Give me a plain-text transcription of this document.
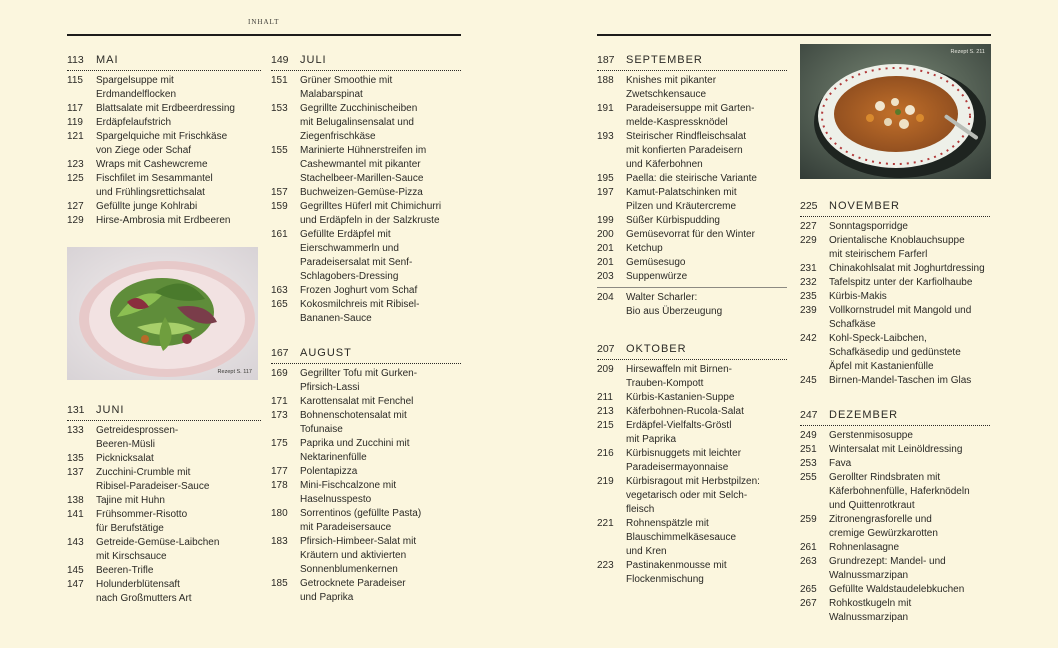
INHALT
113	MAI
115	Spargelsuppe mit
Erdmandelflocken
117	Blattsalate mit Erdbeerdressing
119	Erdäpfelaufstrich
121	Spargelquiche mit Frischkäse
von Ziege oder Schaf
123	Wraps mit Cashewcreme
125	Fischfilet im Sesammantel
und Frühlingsrettichsalat
127	Gefüllte junge Kohlrabi
129	Hirse-Ambrosia mit Erdbeeren
Rezept S. 117
131	JUNI
133	Getreidesprossen-
Beeren-Müsli
135	Picknicksalat
137	Zucchini-Crumble mit
Ribisel-Paradeiser-Sauce
138	Tajine mit Huhn
141	Frühsommer-Risotto
für Berufstätige
143	Getreide-Gemüse-Laibchen
mit Kirschsauce
145	Beeren-Trifle
147	Holunderblütensaft
nach Großmutters Art
149	JULI
151	Grüner Smoothie mit
Malabarspinat
153	Gegrillte Zucchinischeiben
mit Belugalinsensalat und
Ziegenfrischkäse
155	Marinierte Hühnerstreifen im
Cashewmantel mit pikanter
Stachelbeer-Marillen-Sauce
157	Buchweizen-Gemüse-Pizza
159	Gegrilltes Hüferl mit Chimichurri
und Erdäpfeln in der Salzkruste
161	Gefüllte Erdäpfel mit
Eierschwammerln und
Paradeisersalat mit Senf-
Schlagobers-Dressing
163	Frozen Joghurt vom Schaf
165	Kokosmilchreis mit Ribisel-
Bananen-Sauce
167	AUGUST
169	Gegrillter Tofu mit Gurken-
Pfirsich-Lassi
171	Karottensalat mit Fenchel
173	Bohnenschotensalat mit
Tofunaise
175	Paprika und Zucchini mit
Nektarinenfülle
177	Polentapizza
178	Mini-Fischcalzone mit
Haselnusspesto
180	Sorrentinos (gefüllte Pasta)
mit Paradeisersauce
183	Pfirsich-Himbeer-Salat mit
Kräutern und aktivierten
Sonnenblumenkernen
185	Getrocknete Paradeiser
und Paprika
187	SEPTEMBER
188	Knishes mit pikanter
Zwetschkensauce
191	Paradeisersuppe mit Garten-
melde-Kaspressknödel
193	Steirischer Rindfleischsalat
mit konfierten Paradeisern
und Käferbohnen
195	Paella: die steirische Variante
197	Kamut-Palatschinken mit
Pilzen und Kräutercreme
199	Süßer Kürbispudding
200	Gemüsevorrat für den Winter
201	Ketchup
201	Gemüsesugo
203	Suppenwürze
204	Walter Scharler:
Bio aus Überzeugung
207	OKTOBER
209	Hirsewaffeln mit Birnen-
Trauben-Kompott
211	Kürbis-Kastanien-Suppe
213	Käferbohnen-Rucola-Salat
215	Erdäpfel-Vielfalts-Gröstl
mit Paprika
216	Kürbisnuggets mit leichter
Paradeisermayonnaise
219	Kürbisragout mit Herbstpilzen:
vegetarisch oder mit Selch-
fleisch
221	Rohnenspätzle mit
Blauschimmelkäsesauce
und Kren
223	Pastinakenmousse mit
Flockenmischung
Rezept S. 211
225	NOVEMBER
227	Sonntagsporridge
229	Orientalische Knoblauchsuppe
mit steirischem Farferl
231	Chinakohlsalat mit Joghurtdressing
232	Tafelspitz unter der Karfiolhaube
235	Kürbis-Makis
239	Vollkornstrudel mit Mangold und
Schafkäse
242	Kohl-Speck-Laibchen,
Schafkäsedip und gedünstete
Äpfel mit Kastanienfülle
245	Birnen-Mandel-Taschen im Glas
247	DEZEMBER
249	Gerstenmisosuppe
251	Wintersalat mit Leinöldressing
253	Fava
255	Gerollter Rindsbraten mit
Käferbohnenfülle, Haferknödeln
und Quittenrotkraut
259	Zitronengrasforelle und
cremige Gewürzkarotten
261	Rohnenlasagne
263	Grundrezept: Mandel- und
Walnussmarzipan
265	Gefüllte Waldstaudelebkuchen
267	Rohkostkugeln mit
Walnussmarzipan
